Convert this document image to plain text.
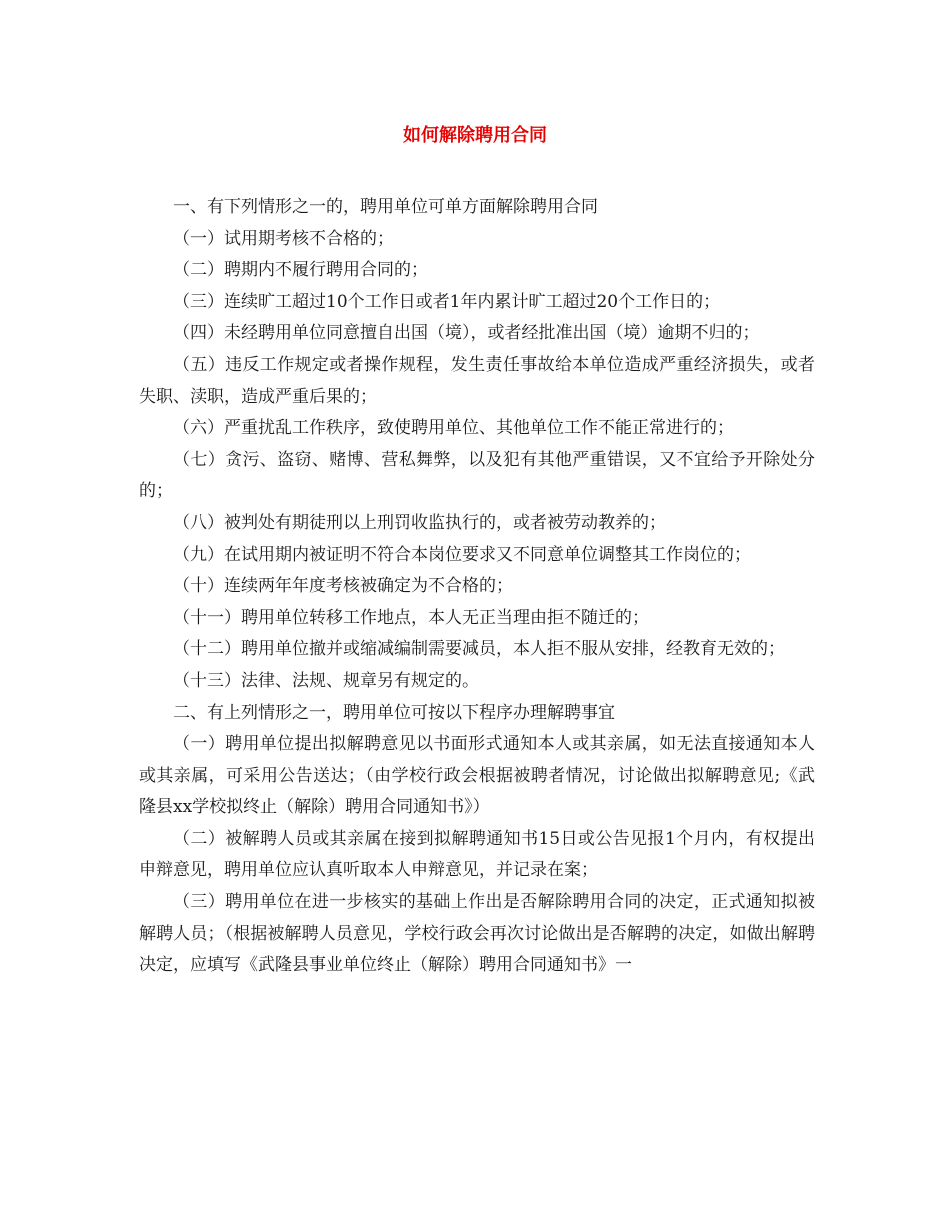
如何解除聘用合同

一、有下列情形之一的，聘用单位可单方面解除聘用合同

（一）试用期考核不合格的；

（二）聘期内不履行聘用合同的；

（三）连续旷工超过10个工作日或者1年内累计旷工超过20个工作日的；

（四）未经聘用单位同意擅自出国（境），或者经批准出国（境）逾期不归的；

（五）违反工作规定或者操作规程，发生责任事故给本单位造成严重经济损失，或者失职、渎职，造成严重后果的；

（六）严重扰乱工作秩序，致使聘用单位、其他单位工作不能正常进行的；

（七）贪污、盗窃、赌博、营私舞弊，以及犯有其他严重错误，又不宜给予开除处分的；

（八）被判处有期徒刑以上刑罚收监执行的，或者被劳动教养的；

（九）在试用期内被证明不符合本岗位要求又不同意单位调整其工作岗位的；

（十）连续两年年度考核被确定为不合格的；

（十一）聘用单位转移工作地点，本人无正当理由拒不随迁的；

（十二）聘用单位撤并或缩减编制需要减员，本人拒不服从安排，经教育无效的；

（十三）法律、法规、规章另有规定的。

二、有上列情形之一，聘用单位可按以下程序办理解聘事宜

（一）聘用单位提出拟解聘意见以书面形式通知本人或其亲属，如无法直接通知本人或其亲属，可采用公告送达；（由学校行政会根据被聘者情况，讨论做出拟解聘意见;《武隆县xx学校拟终止（解除）聘用合同通知书》）

（二）被解聘人员或其亲属在接到拟解聘通知书15日或公告见报1个月内，有权提出申辩意见，聘用单位应认真听取本人申辩意见，并记录在案；

（三）聘用单位在进一步核实的基础上作出是否解除聘用合同的决定，正式通知拟被解聘人员；（根据被解聘人员意见，学校行政会再次讨论做出是否解聘的决定，如做出解聘决定，应填写《武隆县事业单位终止（解除）聘用合同通知书》一
